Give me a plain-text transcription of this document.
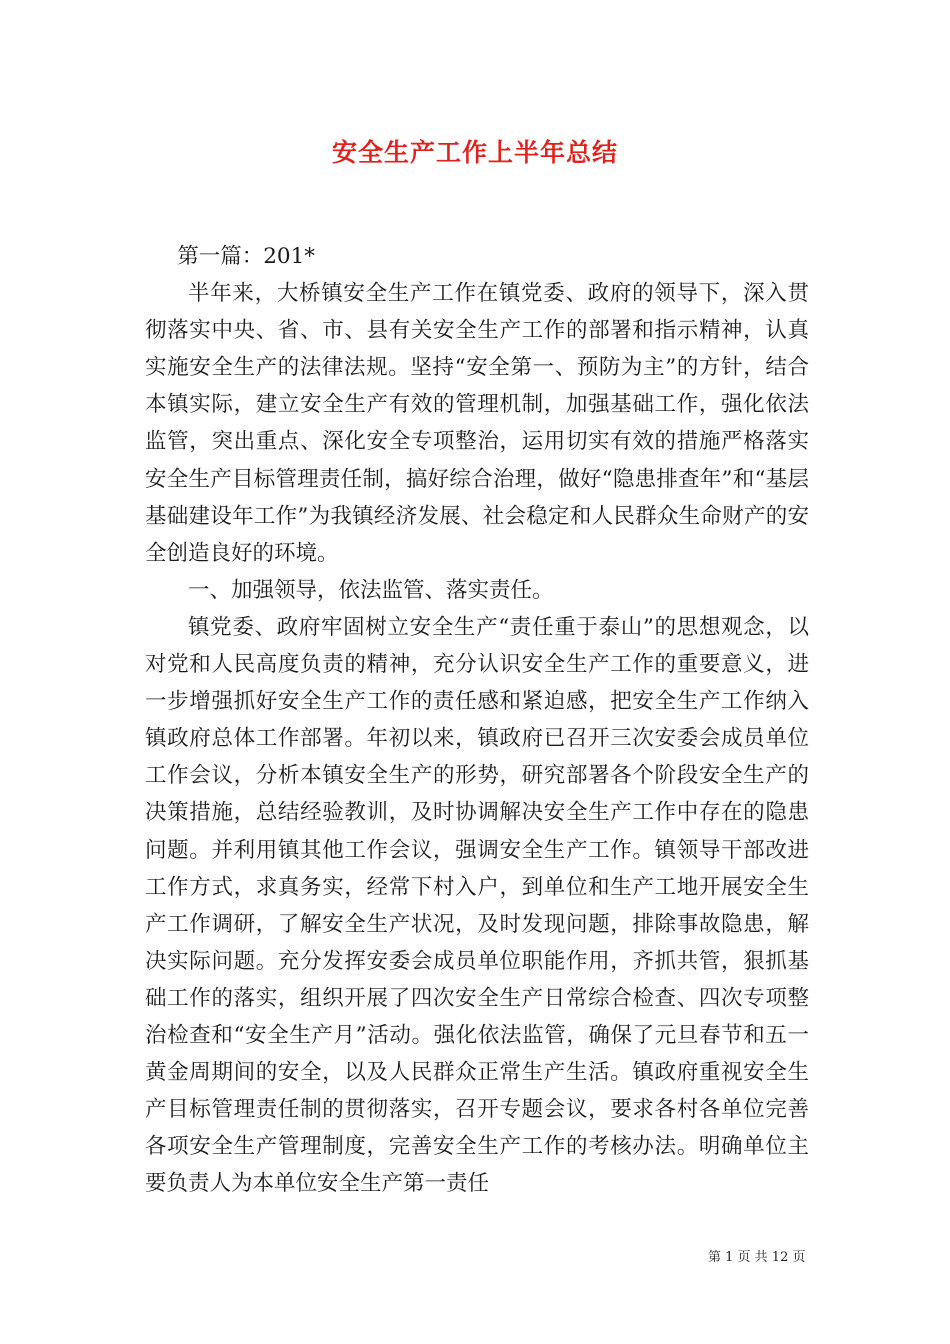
安全生产工作上半年总结

第一篇：201*

半年来，大桥镇安全生产工作在镇党委、政府的领导下，深入贯彻落实中央、省、市、县有关安全生产工作的部署和指示精神，认真实施安全生产的法律法规。坚持“安全第一、预防为主”的方针，结合本镇实际，建立安全生产有效的管理机制，加强基础工作，强化依法监管，突出重点、深化安全专项整治，运用切实有效的措施严格落实安全生产目标管理责任制，搞好综合治理，做好“隐患排查年”和“基层基础建设年工作”为我镇经济发展、社会稳定和人民群众生命财产的安全创造良好的环境。

一、加强领导，依法监管、落实责任。

镇党委、政府牢固树立安全生产“责任重于泰山”的思想观念，以对党和人民高度负责的精神，充分认识安全生产工作的重要意义，进一步增强抓好安全生产工作的责任感和紧迫感，把安全生产工作纳入镇政府总体工作部署。年初以来，镇政府已召开三次安委会成员单位工作会议，分析本镇安全生产的形势，研究部署各个阶段安全生产的决策措施，总结经验教训，及时协调解决安全生产工作中存在的隐患问题。并利用镇其他工作会议，强调安全生产工作。镇领导干部改进工作方式，求真务实，经常下村入户，到单位和生产工地开展安全生产工作调研，了解安全生产状况，及时发现问题，排除事故隐患，解决实际问题。充分发挥安委会成员单位职能作用，齐抓共管，狠抓基础工作的落实，组织开展了四次安全生产日常综合检查、四次专项整治检查和“安全生产月”活动。强化依法监管，确保了元旦春节和五一黄金周期间的安全，以及人民群众正常生产生活。镇政府重视安全生产目标管理责任制的贯彻落实，召开专题会议，要求各村各单位完善各项安全生产管理制度，完善安全生产工作的考核办法。明确单位主要负责人为本单位安全生产第一责任

第 1 页 共 12 页
